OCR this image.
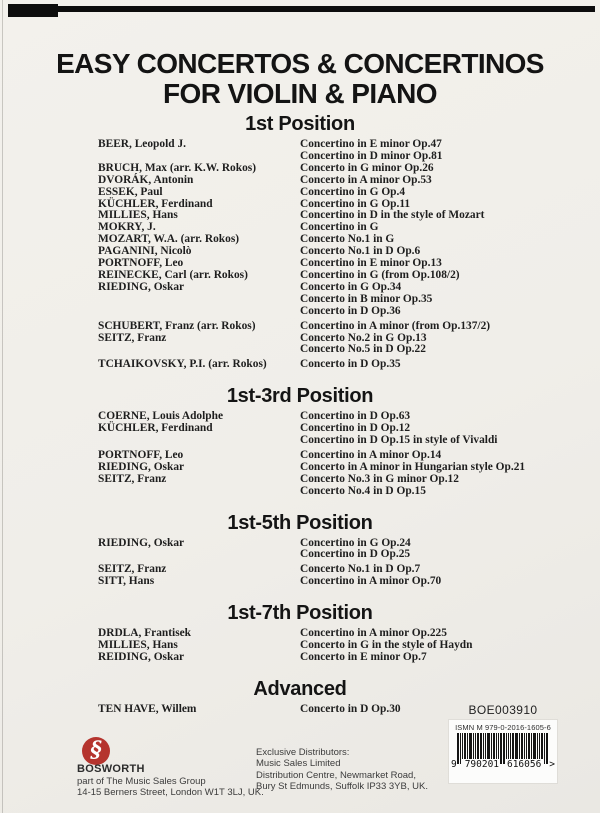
EASY CONCERTOS & CONCERTINOS
FOR VIOLIN & PIANO
1st Position
BEER, Leopold J.	Concertino in E minor Op.47
Concertino in D minor Op.81
BRUCH, Max (arr. K.W. Rokos)	Concerto in G minor Op.26
DVORÁK, Antonin	Concerto in A minor Op.53
ESSEK, Paul	Concertino in G Op.4
KÜCHLER, Ferdinand	Concertino in G Op.11
MILLIES, Hans	Concertino in D in the style of Mozart
MOKRY, J.	Concertino in G
MOZART, W.A. (arr. Rokos)	Concerto No.1 in G
PAGANINI, Nicolò	Concerto No.1 in D Op.6
PORTNOFF, Leo	Concertino in E minor Op.13
REINECKE, Carl (arr. Rokos)	Concertino in G (from Op.108/2)
RIEDING, Oskar	Concerto in G Op.34
Concerto in B minor Op.35
Concerto in D Op.36
SCHUBERT, Franz (arr. Rokos)	Concertino in A minor (from Op.137/2)
SEITZ, Franz	Concerto No.2 in G Op.13
Concerto No.5 in D Op.22
TCHAIKOVSKY, P.I. (arr. Rokos)	Concerto in D Op.35
1st-3rd Position
COERNE, Louis Adolphe	Concertino in D Op.63
KÜCHLER, Ferdinand	Concertino in D Op.12
Concertino in D Op.15 in style of Vivaldi
PORTNOFF, Leo	Concertino in A minor Op.14
RIEDING, Oskar	Concerto in A minor in Hungarian style Op.21
SEITZ, Franz	Concerto No.3 in G minor Op.12
Concerto No.4 in D Op.15
1st-5th Position
RIEDING, Oskar	Concertino in G Op.24
Concertino in D Op.25
SEITZ, Franz	Concerto No.1 in D Op.7
SITT, Hans	Concertino in A minor Op.70
1st-7th Position
DRDLA, Frantisek	Concertino in A minor Op.225
MILLIES, Hans	Concerto in G in the style of Haydn
REIDING, Oskar	Concerto in E minor Op.7
Advanced
TEN HAVE, Willem	Concerto in D Op.30
§
BOSWORTH
part of The Music Sales Group
14-15 Berners Street, London W1T 3LJ, UK.
Exclusive Distributors:
Music Sales Limited
Distribution Centre, Newmarket Road,
Bury St Edmunds, Suffolk IP33 3YB, UK.
BOE003910
ISMN M 979-0-2016-1605-6
9 790201 616056 >
